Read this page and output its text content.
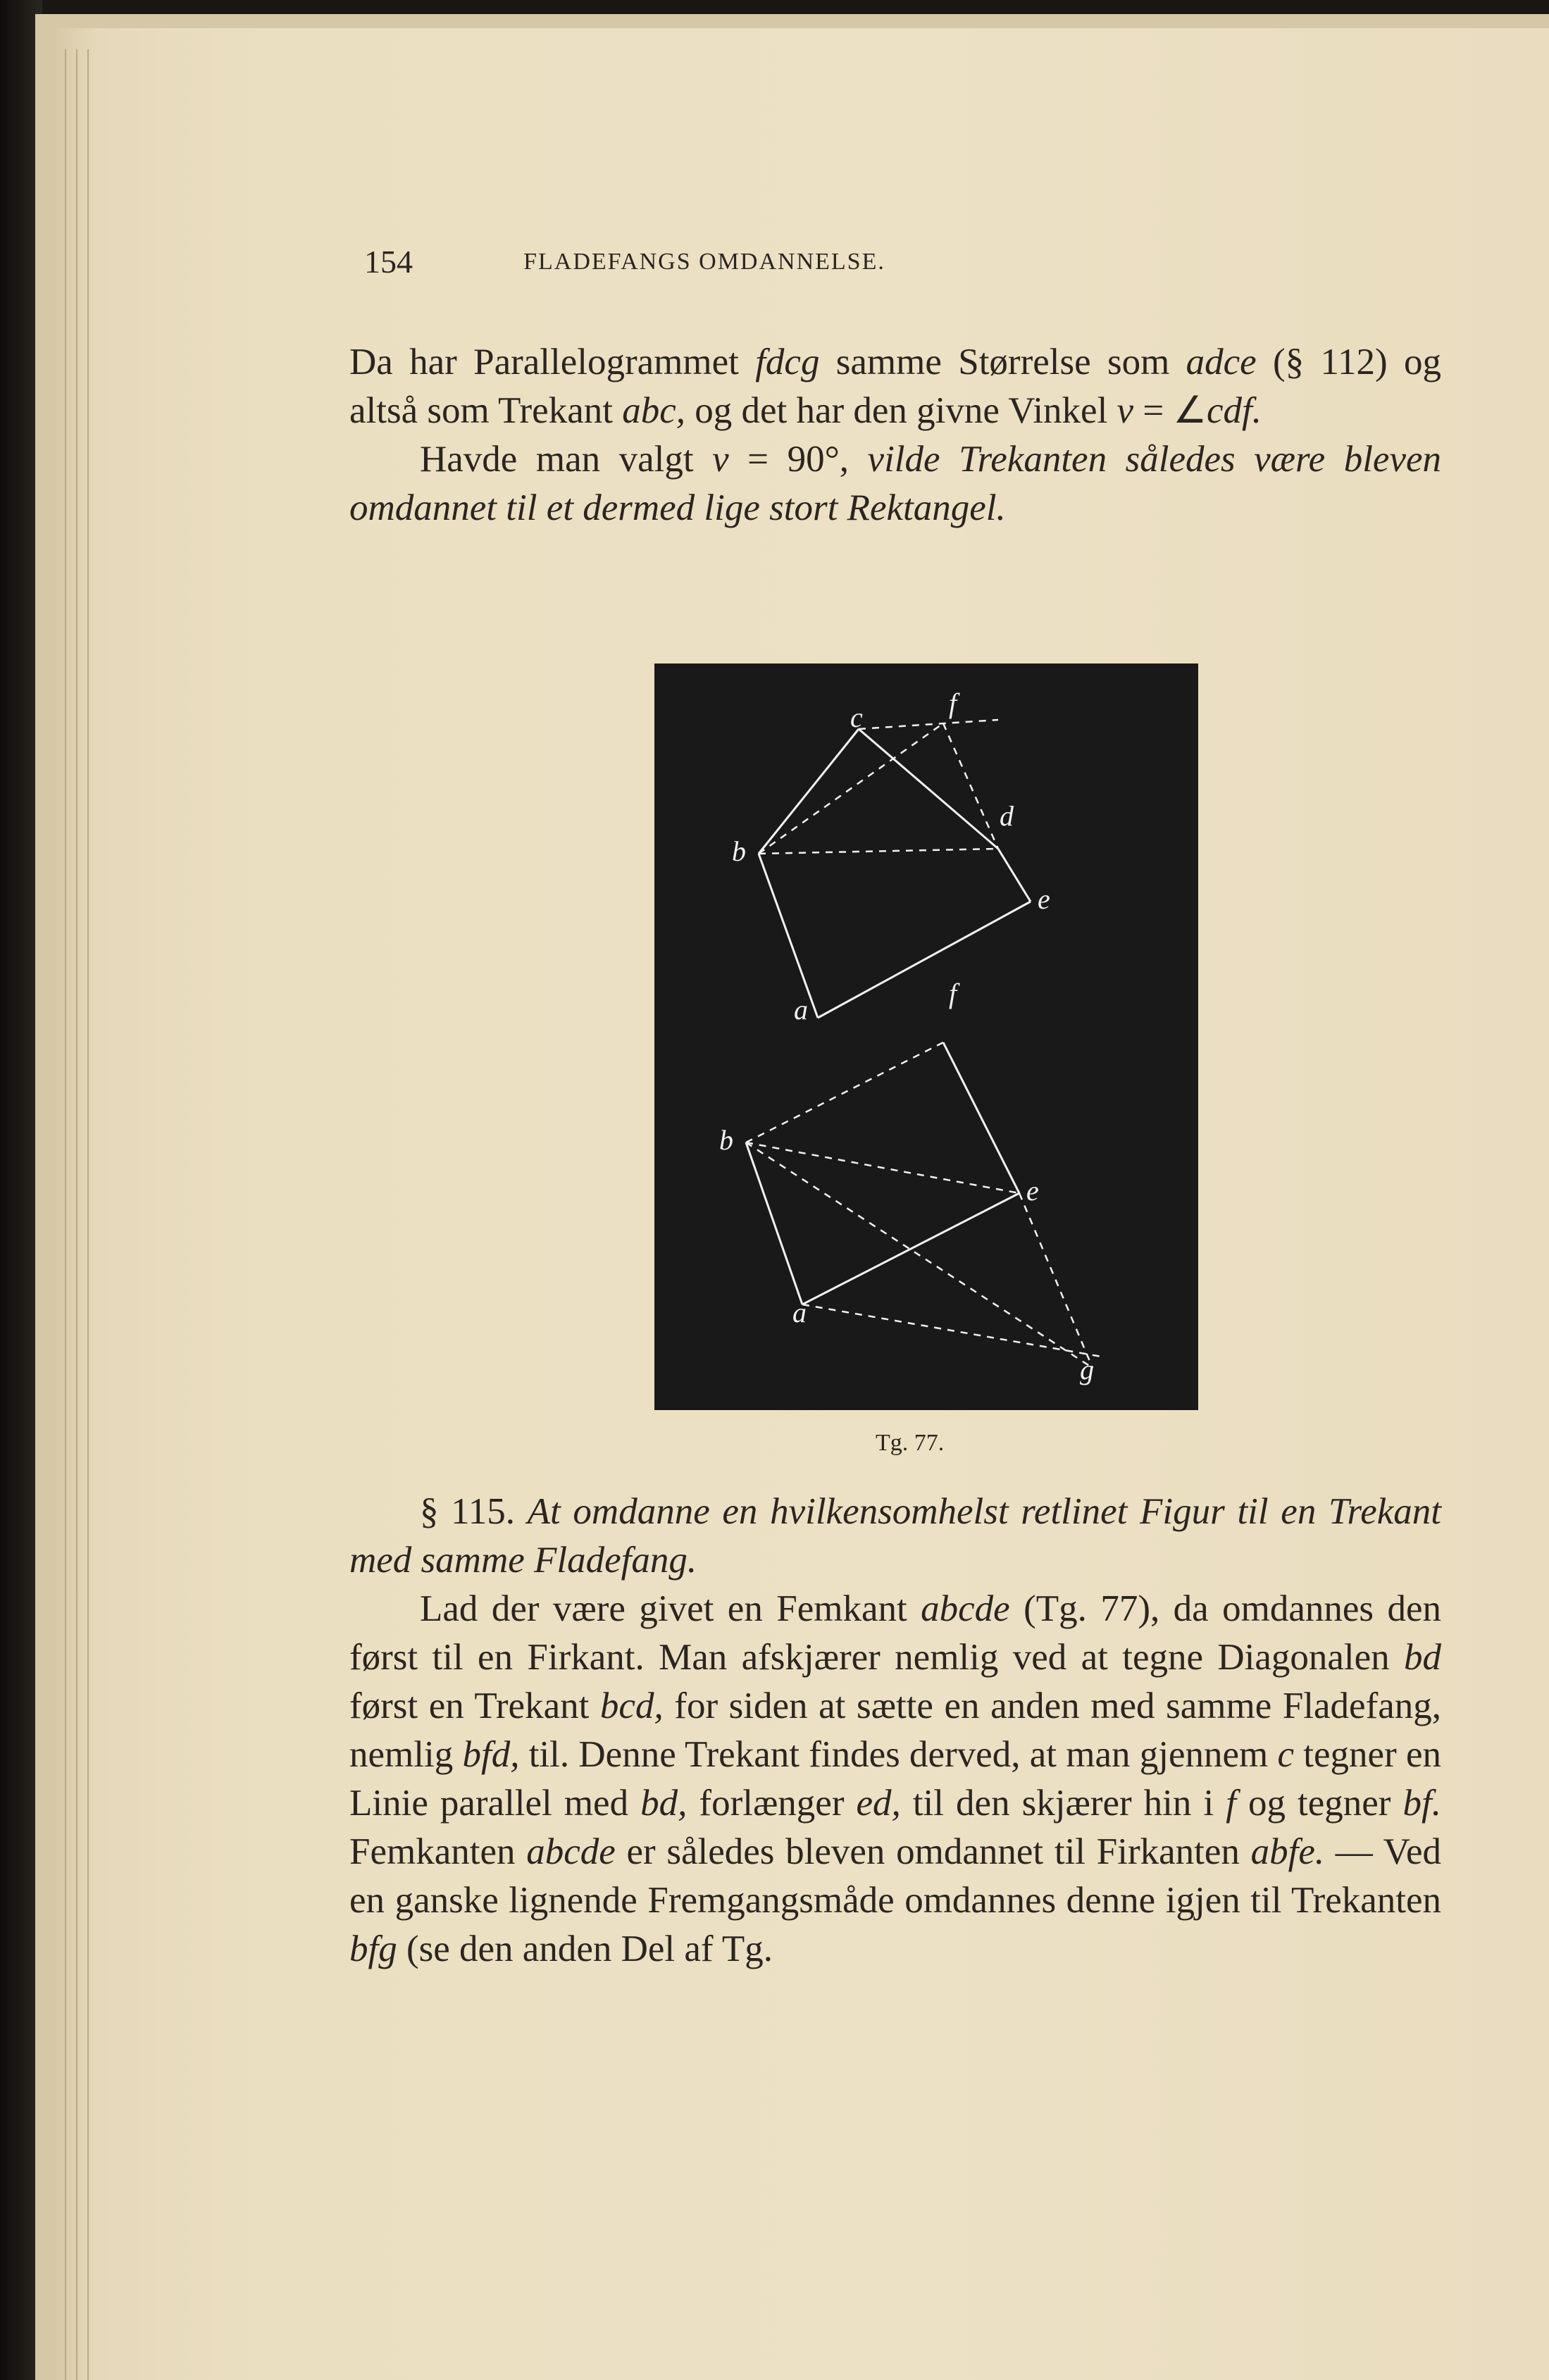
154	FLADEFANGS OMDANNELSE.

Da har Parallelogrammet fdcg samme Størrelse som adce (§ 112) og altså som Trekant abc, og det har den givne Vinkel v = ∠cdf.

Havde man valgt v = 90°, vilde Trekanten således være bleven omdannet til et dermed lige stort Rektangel.

c	f
d
b
e
a
f
b
e
a
g
Tg. 77.

§ 115. At omdanne en hvilkensomhelst retlinet Figur til en Trekant med samme Fladefang.

Lad der være givet en Femkant abcde (Tg. 77), da omdannes den først til en Firkant. Man afskjærer nemlig ved at tegne Diagonalen bd først en Trekant bcd, for siden at sætte en anden med samme Fladefang, nemlig bfd, til. Denne Trekant findes derved, at man gjennem c tegner en Linie parallel med bd, forlænger ed, til den skjærer hin i f og tegner bf. Femkanten abcde er således bleven omdannet til Firkanten abfe. — Ved en ganske lignende Fremgangsmåde omdannes denne igjen til Trekanten bfg (se den anden Del af Tg.
